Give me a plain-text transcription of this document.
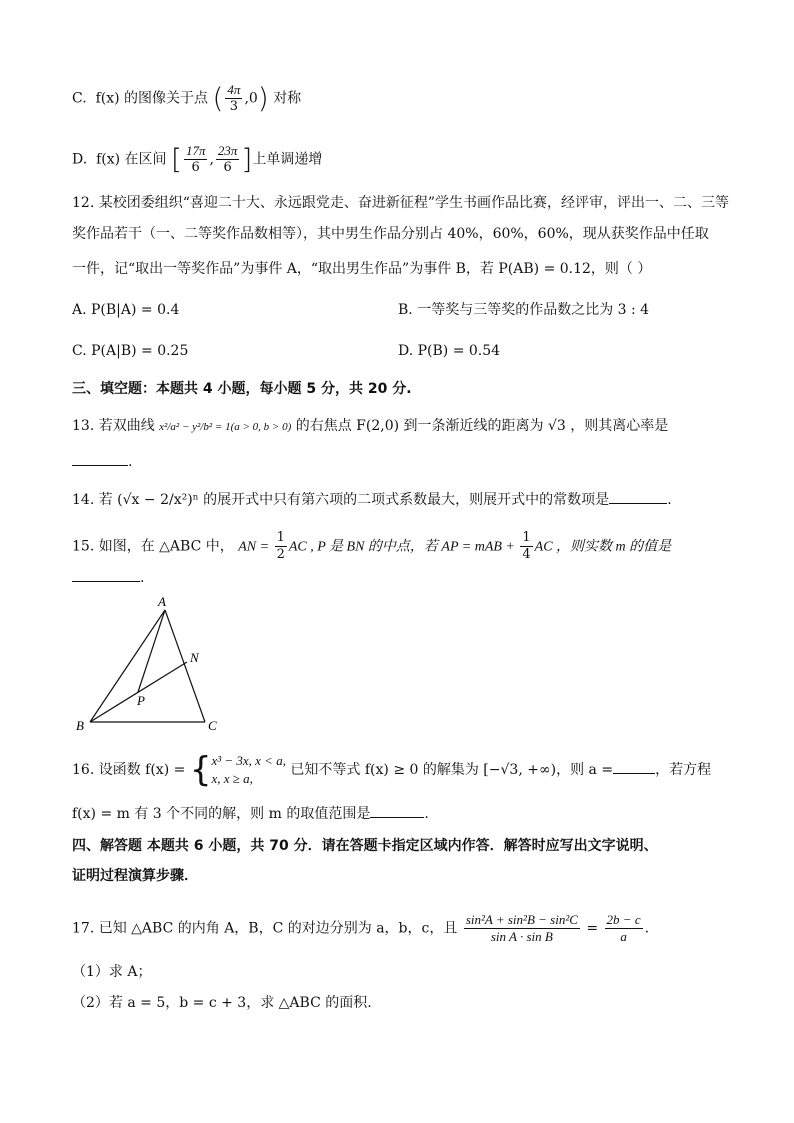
C. f(x) 的图像关于点 ( $\frac{4\pi}{3} ,0$) 对称
D. f(x) 在区间 [ $\frac{17\pi}{6}$ , $\frac{23\pi}{6}$ ]上单调递增
12. 某校团委组织“喜迎二十大、永远跟党走、奋进新征程”学生书画作品比赛，经评审，评出一、二、三等
奖作品若干（一、二等奖作品数相等），其中男生作品分别占 40%，60%，60%，现从获奖作品中任取
一件，记“取出一等奖作品”为事件 A，“取出男生作品”为事件 B，若 P(AB) = 0.12，则（ ）
A. P(B|A) = 0.4	B. 一等奖与三等奖的作品数之比为 3 : 4
C. P(A|B) = 0.25	D. P(B) = 0.54
三、填空题：本题共 4 小题，每小题 5 分，共 20 分.
13. 若双曲线 x²/a² − y²/b² = 1(a > 0, b > 0) 的右焦点 F(2,0) 到一条渐近线的距离为 √3 ，则其离心率是
.
14. 若 (√x − 2/x²)ⁿ 的展开式中只有第六项的二项式系数最大，则展开式中的常数项是	.
15. 如图，在 △ABC 中， AN = $\frac{1}{2}$ AC , P 是 BN 的中点，若 AP = mAB + $\frac{1}{4}$ AC ，则实数 m 的值是
.
A
B	C
N
P
16. 设函数 f(x) = { x³ − 3x, x < a,
x, x ≥ a,
已知不等式 f(x) ≥ 0 的解集为 [−√3, +∞)，则 a =	，若方程
f(x) = m 有 3 个不同的解，则 m 的取值范围是	.
四、解答题 本题共 6 小题，共 70 分．请在答题卡指定区域内作答．解答时应写出文字说明、
证明过程演算步骤．
17. 已知 △ABC 的内角 A，B，C 的对边分别为 a，b，c，且 $\frac{\text{sin²A + sin²B − sin²C}}{\text{sin A · sin B}} = \frac{2b - c}{a}$ .
（1）求 A；
（2）若 a = 5，b = c + 3，求 △ABC 的面积.
